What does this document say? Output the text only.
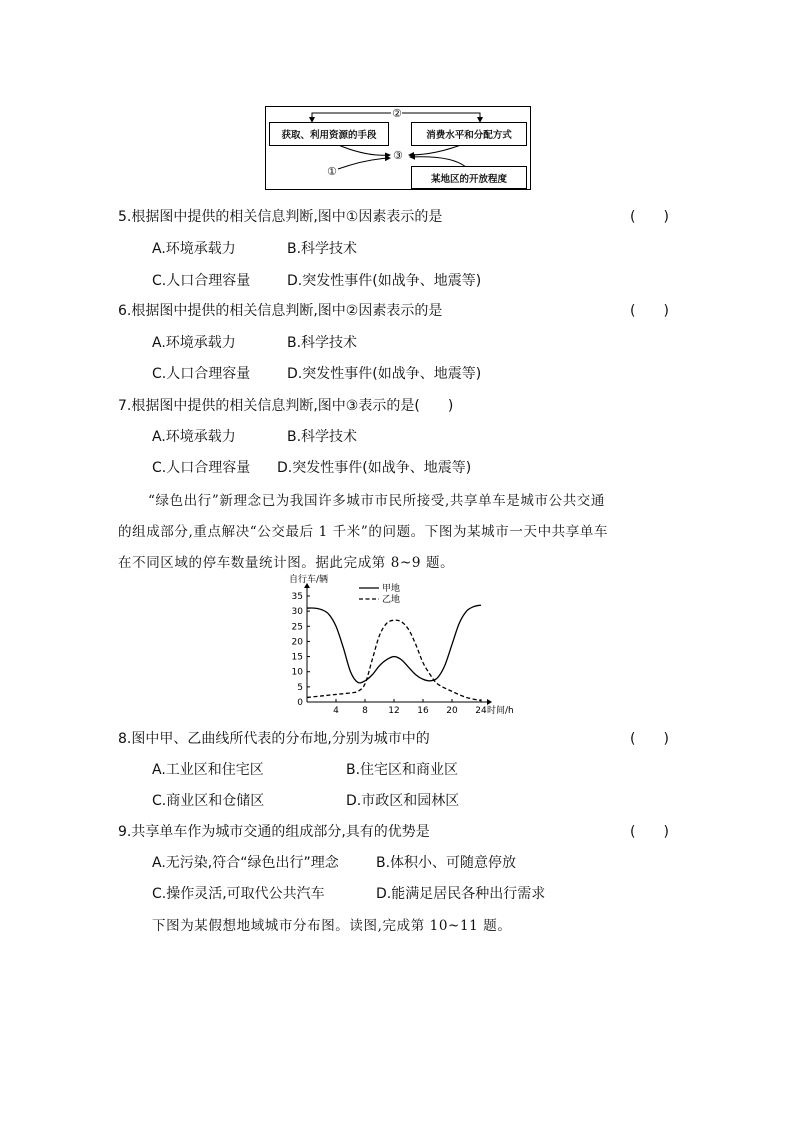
②
获取、利用资源的手段	消费水平和分配方式
③
①
某地区的开放程度
5.根据图中提供的相关信息判断,图中①因素表示的是	(　　)
A.环境承载力	B.科学技术
C.人口合理容量	D.突发性事件(如战争、地震等)
6.根据图中提供的相关信息判断,图中②因素表示的是	(　　)
A.环境承载力	B.科学技术
C.人口合理容量	D.突发性事件(如战争、地震等)
7.根据图中提供的相关信息判断,图中③表示的是(　　)
A.环境承载力	B.科学技术
C.人口合理容量 D.突发性事件(如战争、地震等)
“绿色出行”新理念已为我国许多城市市民所接受,共享单车是城市公共交通
的组成部分,重点解决“公交最后 1 千米”的问题。下图为某城市一天中共享单车
在不同区域的停车数量统计图。据此完成第 8~9 题。
0
5
10
15
20
25
30
35
4	8 12 16 20 24
自行车/辆
时间/h
甲地
乙地
8.图中甲、乙曲线所代表的分布地,分别为城市中的	(　　)
A.工业区和住宅区	B.住宅区和商业区
C.商业区和仓储区	D.市政区和园林区
9.共享单车作为城市交通的组成部分,具有的优势是	(　　)
A.无污染,符合“绿色出行”理念	B.体积小、可随意停放
C.操作灵活,可取代公共汽车	D.能满足居民各种出行需求
下图为某假想地域城市分布图。读图,完成第 10~11 题。
